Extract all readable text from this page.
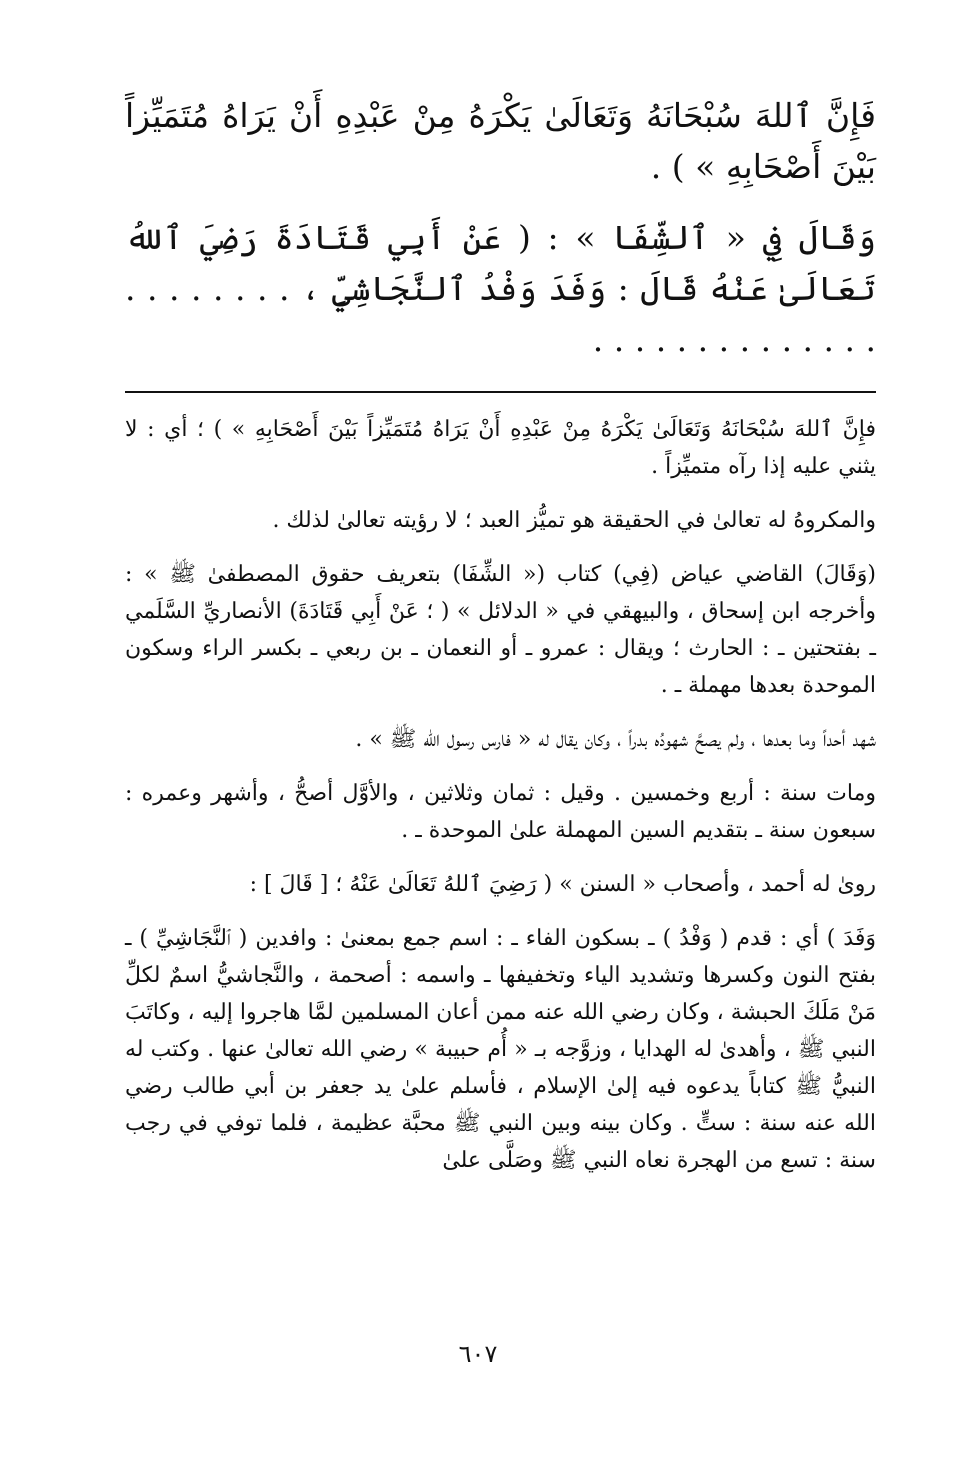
فَإِنَّ ٱللهَ سُبْحَانَهُ وَتَعَالَىٰ يَكْرَهُ مِنْ عَبْدِهِ أَنْ يَرَاهُ مُتَمَيِّزاً بَيْنَ أَصْحَابِهِ » ) .

وَقَالَ فِي « ٱلشِّفَا » : ( عَنْ أَبِي قَتَادَةَ رَضِيَ ٱللهُ تَعَالَىٰ عَنْهُ قَالَ : وَفَدَ وَفْدُ ٱلنَّجَاشِيِّ ، . . . . . . . . . . . . . . . . . . . . . .

فإِنَّ ٱللهَ سُبْحَانَهُ وَتَعَالَىٰ يَكْرَهُ مِنْ عَبْدِهِ أَنْ يَرَاهُ مُتَمَيِّزاً بَيْنَ أَصْحَابِهِ » ) ؛ أي : لا يثني عليه إذا رآه متميِّزاً .

والمكروهُ له تعالىٰ في الحقيقة هو تميُّز العبد ؛ لا رؤيته تعالىٰ لذلك .

(وَقَالَ) القاضي عياض (فِي) كتاب (« الشِّفَا) بتعريف حقوق المصطفىٰ ﷺ » : وأخرجه ابن إسحاق ، والبيهقي في « الدلائل » ( ؛ عَنْ أَبِي قَتَادَةَ) الأنصاريِّ السَّلَمي ـ بفتحتين ـ : الحارث ؛ ويقال : عمرو ـ أو النعمان ـ بن ربعي ـ بكسر الراء وسكون الموحدة بعدها مهملة ـ .

شهد أحداً وما بعدها ، ولم يصحَّ شهودُه بدراً ، وكان يقال له « فارس رسول الله ﷺ » .

ومات سنة : أربع وخمسين . وقيل : ثمان وثلاثين ، والأوَّل أصحُّ ، وأشهر وعمره : سبعون سنة ـ بتقديم السين المهملة علىٰ الموحدة ـ .

روىٰ له أحمد ، وأصحاب « السنن » ( رَضِيَ ٱللهُ تَعَالَىٰ عَنْهُ ؛ [ قَالَ ] :

وَفَدَ ) أي : قدم ( وَفْدُ ) ـ بسكون الفاء ـ : اسم جمع بمعنىٰ : وافدين ( ٱلنَّجَاشِيِّ ) ـ بفتح النون وكسرها وتشديد الياء وتخفيفها ـ واسمه : أصحمة ، والنَّجاشيُّ اسمٌ لكلِّ مَنْ مَلَكَ الحبشة ، وكان رضي الله عنه ممن أعان المسلمين لمَّا هاجروا إليه ، وكاتَبَ النبي ﷺ ، وأهدىٰ له الهدايا ، وزوَّجه بـ « أُم حبيبة » رضي الله تعالىٰ عنها . وكتب له النبيُّ ﷺ كتاباً يدعوه فيه إلىٰ الإسلام ، فأسلم علىٰ يد جعفر بن أبي طالب رضي الله عنه سنة : ستٍّ . وكان بينه وبين النبي ﷺ محبَّة عظيمة ، فلما توفي في رجب سنة : تسع من الهجرة نعاه النبي ﷺ وصَلَّى علىٰ

٦٠٧
